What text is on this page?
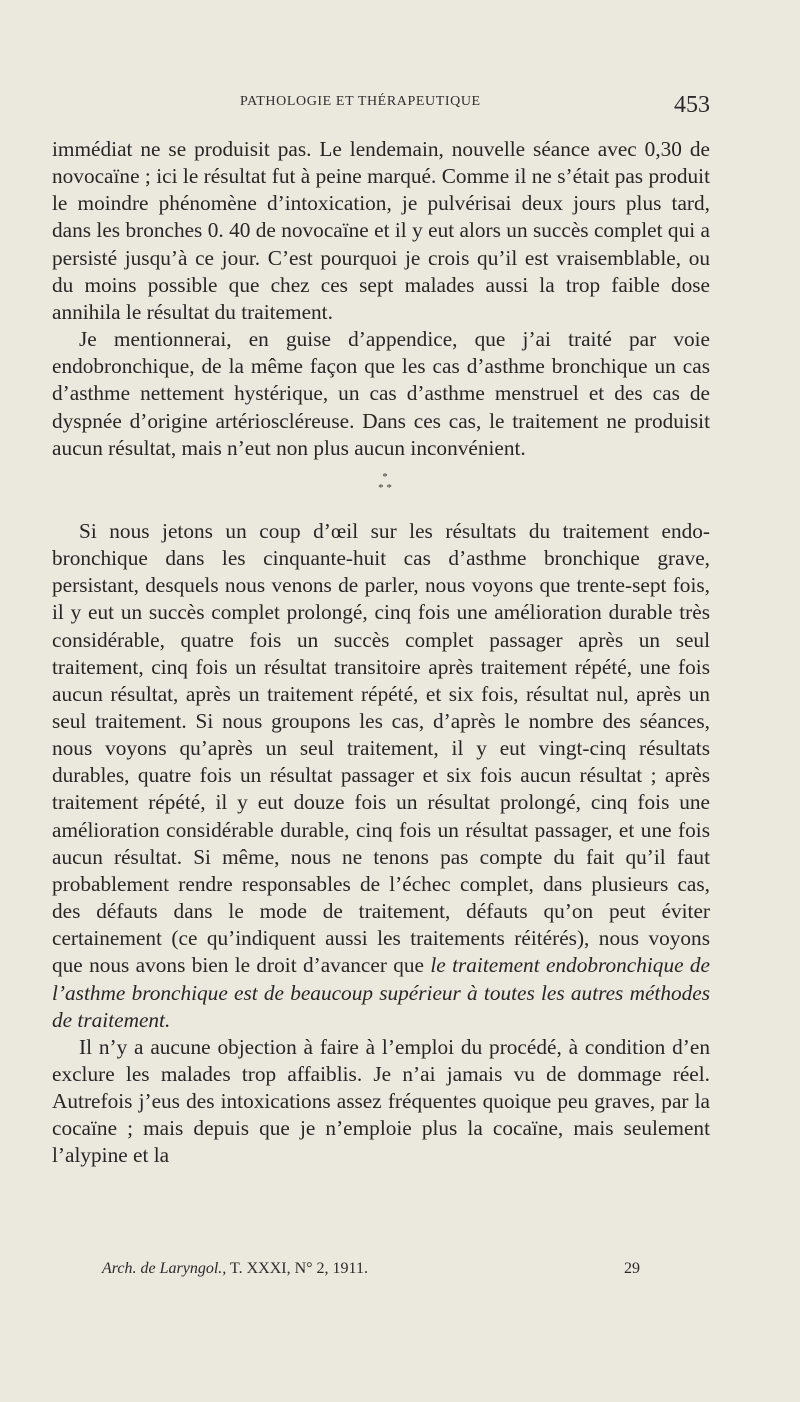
PATHOLOGIE ET THÉRAPEUTIQUE	453

immédiat ne se produisit pas. Le lendemain, nouvelle séance avec 0,30 de novocaïne ; ici le résultat fut à peine marqué. Comme il ne s’était pas produit le moindre phénomène d’intoxication, je pulvérisai deux jours plus tard, dans les bronches 0. 40 de novocaïne et il y eut alors un succès complet qui a persisté jusqu’à ce jour. C’est pourquoi je crois qu’il est vraisemblable, ou du moins possible que chez ces sept malades aussi la trop faible dose annihila le résultat du traitement.

Je mentionnerai, en guise d’appendice, que j’ai traité par voie endobronchique, de la même façon que les cas d’asthme bronchique un cas d’asthme nettement hystérique, un cas d’asthme menstruel et des cas de dyspnée d’origine artérioscléreuse. Dans ces cas, le traitement ne produisit aucun résultat, mais n’eut non plus aucun inconvénient.

*
* *

Si nous jetons un coup d’œil sur les résultats du traitement endo-bronchique dans les cinquante-huit cas d’asthme bronchique grave, persistant, desquels nous venons de parler, nous voyons que trente-sept fois, il y eut un succès complet prolongé, cinq fois une amélioration durable très considérable, quatre fois un succès complet passager après un seul traitement, cinq fois un résultat transitoire après traitement répété, une fois aucun résultat, après un traitement répété, et six fois, résultat nul, après un seul traitement. Si nous groupons les cas, d’après le nombre des séances, nous voyons qu’après un seul traitement, il y eut vingt-cinq résultats durables, quatre fois un résultat passager et six fois aucun résultat ; après traitement répété, il y eut douze fois un résultat prolongé, cinq fois une amélioration considérable durable, cinq fois un résultat passager, et une fois aucun résultat. Si même, nous ne tenons pas compte du fait qu’il faut probablement rendre responsables de l’échec complet, dans plusieurs cas, des défauts dans le mode de traitement, défauts qu’on peut éviter certainement (ce qu’indiquent aussi les traitements réitérés), nous voyons que nous avons bien le droit d’avancer que le traitement endobronchique de l’asthme bronchique est de beaucoup supérieur à toutes les autres méthodes de traitement.

Il n’y a aucune objection à faire à l’emploi du procédé, à condition d’en exclure les malades trop affaiblis. Je n’ai jamais vu de dommage réel. Autrefois j’eus des intoxications assez fréquentes quoique peu graves, par la cocaïne ; mais depuis que je n’emploie plus la cocaïne, mais seulement l’alypine et la

Arch. de Laryngol., T. XXXI, N° 2, 1911.	29
